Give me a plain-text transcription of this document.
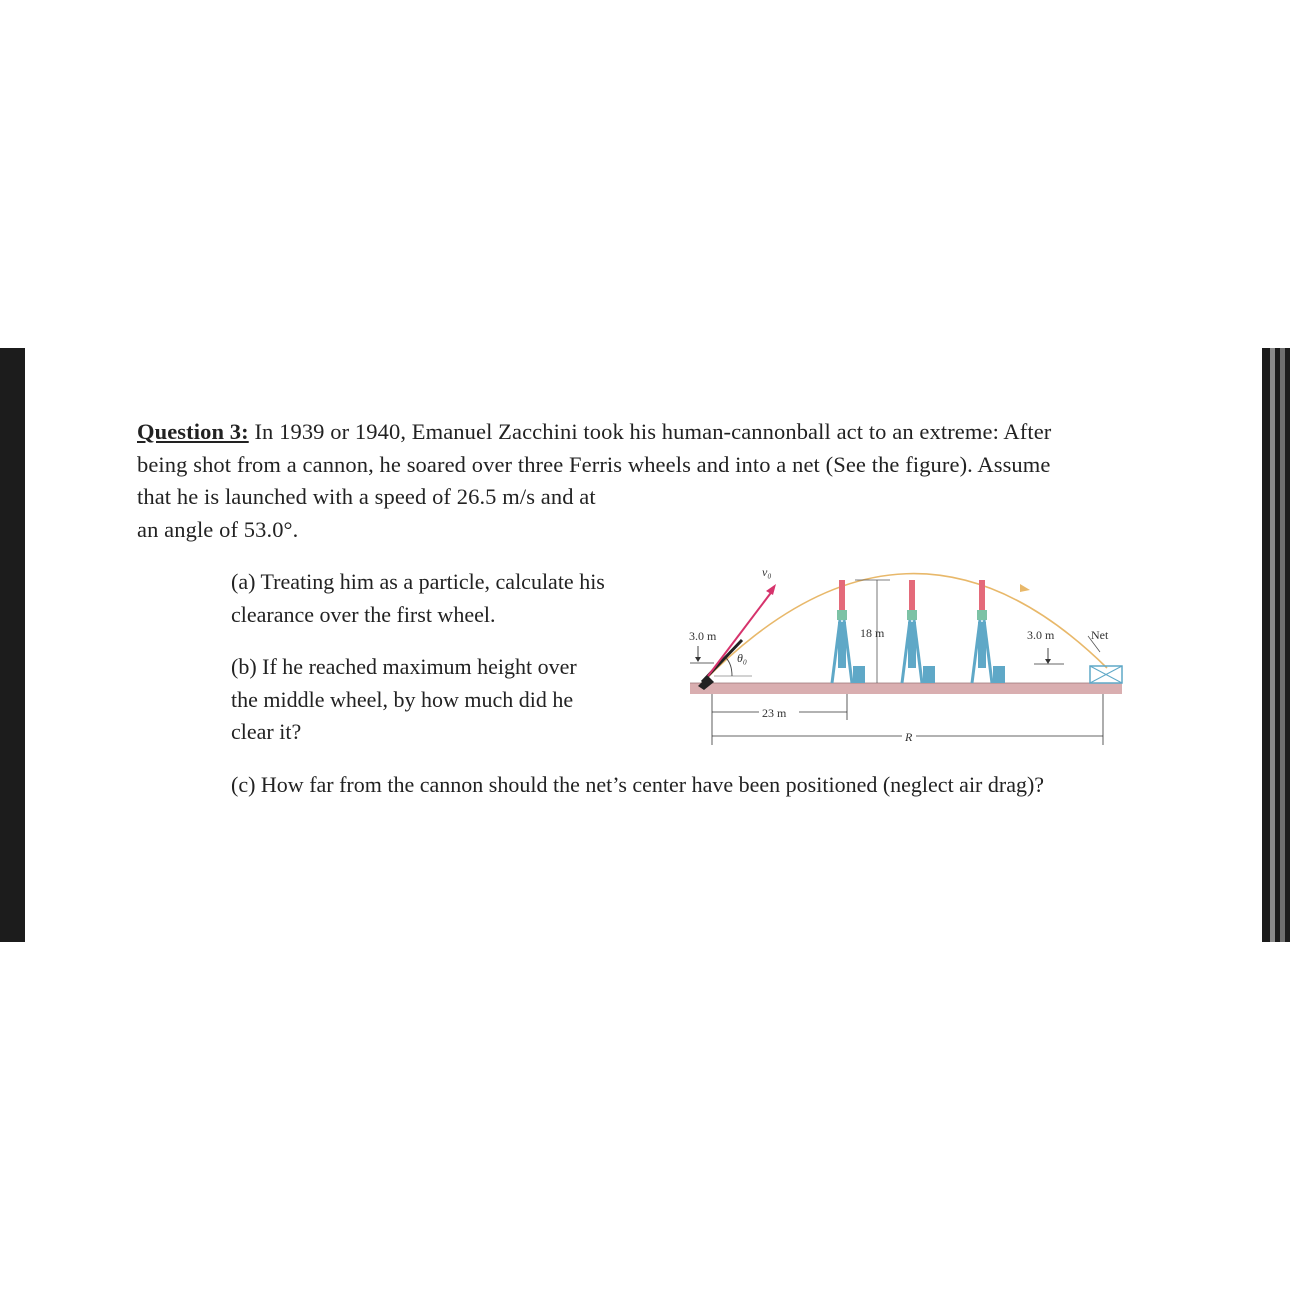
Question 3: In 1939 or 1940, Emanuel Zacchini took his human-cannonball act to an extreme: After
being shot from a cannon, he soared over three Ferris wheels and into a net (See the figure). Assume
that he is launched with a speed of 26.5 m/s and at
an angle of 53.0°.
(a) Treating him as a particle, calculate his
clearance over the first wheel.
(b) If he reached maximum height over
the middle wheel, by how much did he
clear it?
(c) How far from the cannon should the net’s center have been positioned (neglect air drag)?
v₀
θ₀
3.0 m	18 m	3.0 m	Net
23 m
R
